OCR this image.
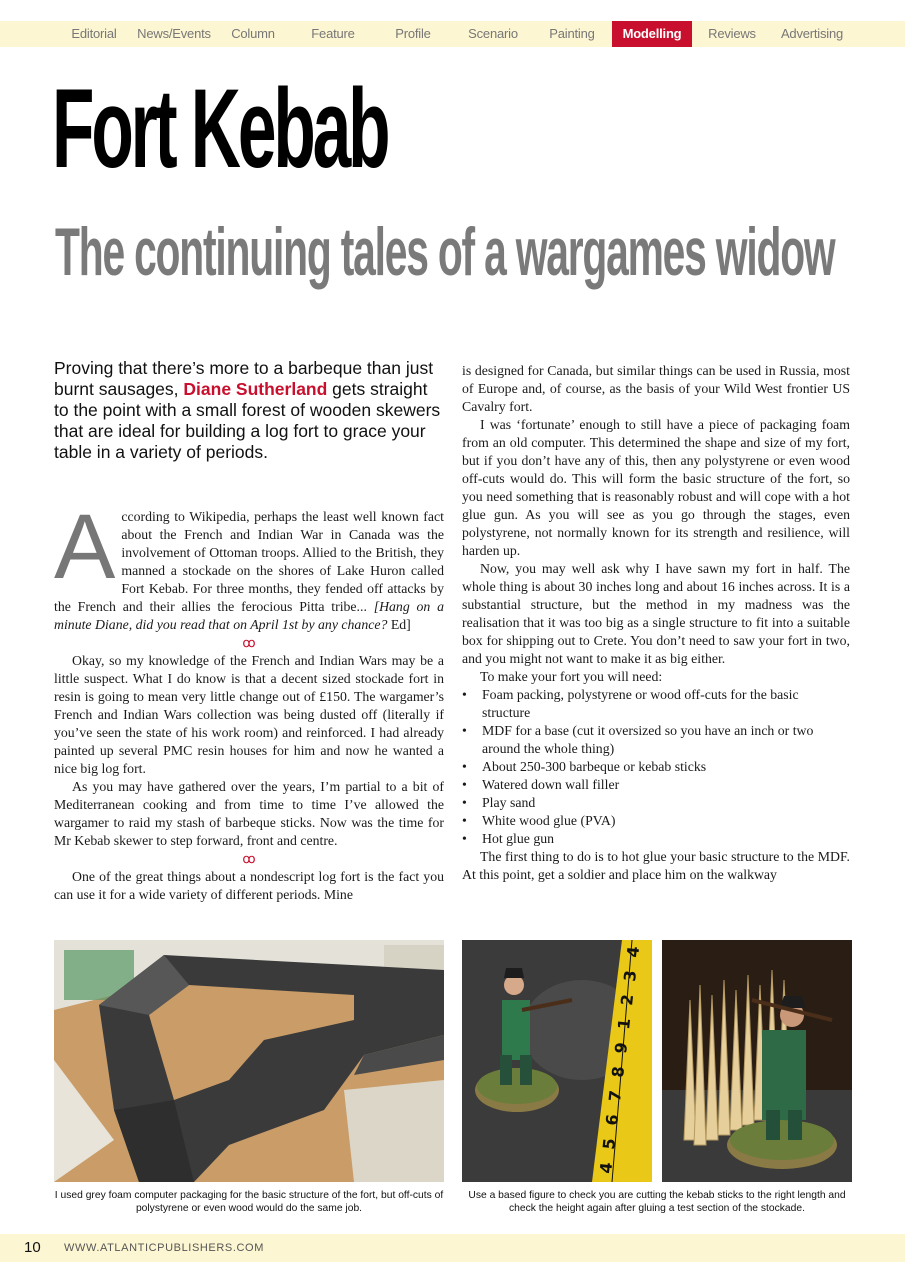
Editorial	News/Events	Column	Feature	Profile	Scenario	Painting	Modelling	Reviews	Advertising
Fort Kebab
The continuing tales of a wargames widow
Proving that there’s more to a barbeque than just burnt sausages, Diane Sutherland gets straight to the point with a small forest of wooden skewers that are ideal for building a log fort to grace your table in a variety of periods.

According to Wikipedia, perhaps the least well known fact about the French and Indian War in Canada was the involvement of Ottoman troops. Allied to the British, they manned a stockade on the shores of Lake Huron called Fort Kebab. For three months, they fended off attacks by the French and their allies the ferocious Pitta tribe... [Hang on a minute Diane, did you read that on April 1st by any chance? Ed]

ꝏ

Okay, so my knowledge of the French and Indian Wars may be a little suspect. What I do know is that a decent sized stockade fort in resin is going to mean very little change out of £150. The wargamer’s French and Indian Wars collection was being dusted off (literally if you’ve seen the state of his work room) and reinforced. I had already painted up several PMC resin houses for him and now he wanted a nice big log fort.

As you may have gathered over the years, I’m partial to a bit of Mediterranean cooking and from time to time I’ve allowed the wargamer to raid my stash of barbeque sticks. Now was the time for Mr Kebab skewer to step forward, front and centre.

ꝏ

One of the great things about a nondescript log fort is the fact you can use it for a wide variety of different periods. Mine

is designed for Canada, but similar things can be used in Russia, most of Europe and, of course, as the basis of your Wild West frontier US Cavalry fort.

I was ‘fortunate’ enough to still have a piece of packaging foam from an old computer. This determined the shape and size of my fort, but if you don’t have any of this, then any polystyrene or even wood off-cuts would do. This will form the basic structure of the fort, so you need something that is reasonably robust and will cope with a hot glue gun. As you will see as you go through the stages, even polystyrene, not normally known for its strength and resilience, will harden up.

Now, you may well ask why I have sawn my fort in half. The whole thing is about 30 inches long and about 16 inches across. It is a substantial structure, but the method in my madness was the realisation that it was too big as a single structure to fit into a suitable box for shipping out to Crete. You don’t need to saw your fort in two, and you might not want to make it as big either.

To make your fort you will need:

• Foam packing, polystyrene or wood off-cuts for the basic structure
• MDF for a base (cut it oversized so you have an inch or two around the whole thing)
• About 250-300 barbeque or kebab sticks
• Watered down wall filler
• Play sand
• White wood glue (PVA)
• Hot glue gun

The first thing to do is to hot glue your basic structure to the MDF. At this point, get a soldier and place him on the walkway

4
3
2
1
9
8
7
6
5
4
I used grey foam computer packaging for the basic structure of the fort, but off-cuts of polystyrene or even wood would do the same job.
Use a based figure to check you are cutting the kebab sticks to the right length and check the height again after gluing a test section of the stockade.
10 WWW.ATLANTICPUBLISHERS.COM
